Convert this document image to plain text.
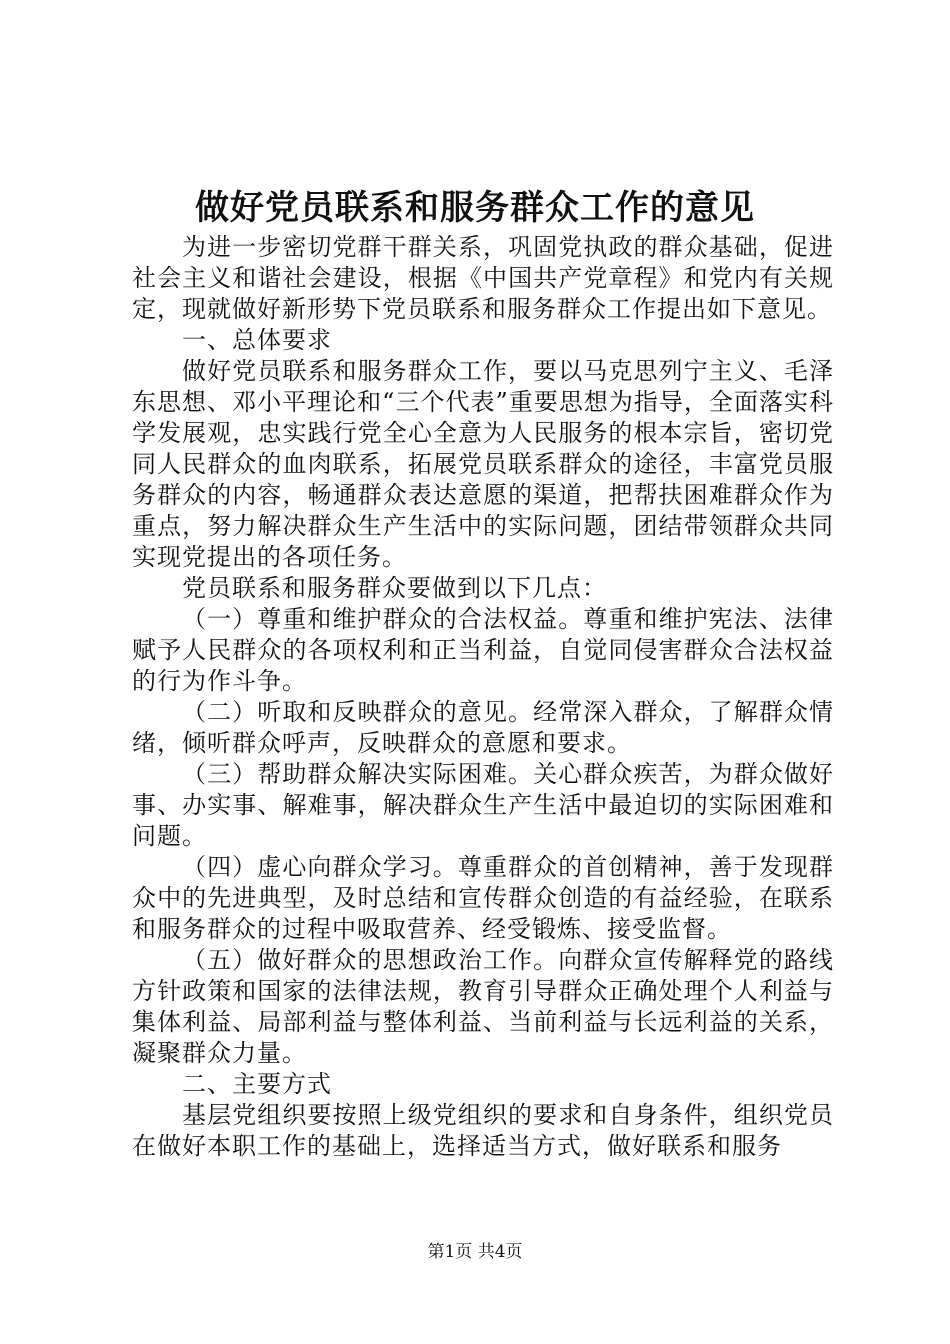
做好党员联系和服务群众工作的意见

为进一步密切党群干群关系，巩固党执政的群众基础，促进社会主义和谐社会建设，根据《中国共产党章程》和党内有关规定，现就做好新形势下党员联系和服务群众工作提出如下意见。

一、总体要求

做好党员联系和服务群众工作，要以马克思列宁主义、毛泽东思想、邓小平理论和“三个代表”重要思想为指导，全面落实科学发展观，忠实践行党全心全意为人民服务的根本宗旨，密切党同人民群众的血肉联系，拓展党员联系群众的途径，丰富党员服务群众的内容，畅通群众表达意愿的渠道，把帮扶困难群众作为重点，努力解决群众生产生活中的实际问题，团结带领群众共同实现党提出的各项任务。

党员联系和服务群众要做到以下几点：

（一）尊重和维护群众的合法权益。尊重和维护宪法、法律赋予人民群众的各项权利和正当利益，自觉同侵害群众合法权益的行为作斗争。

（二）听取和反映群众的意见。经常深入群众，了解群众情绪，倾听群众呼声，反映群众的意愿和要求。

（三）帮助群众解决实际困难。关心群众疾苦，为群众做好事、办实事、解难事，解决群众生产生活中最迫切的实际困难和问题。

（四）虚心向群众学习。尊重群众的首创精神，善于发现群众中的先进典型，及时总结和宣传群众创造的有益经验，在联系和服务群众的过程中吸取营养、经受锻炼、接受监督。

（五）做好群众的思想政治工作。向群众宣传解释党的路线方针政策和国家的法律法规，教育引导群众正确处理个人利益与集体利益、局部利益与整体利益、当前利益与长远利益的关系，凝聚群众力量。

二、主要方式

基层党组织要按照上级党组织的要求和自身条件，组织党员在做好本职工作的基础上，选择适当方式，做好联系和服务

第1页 共4页
